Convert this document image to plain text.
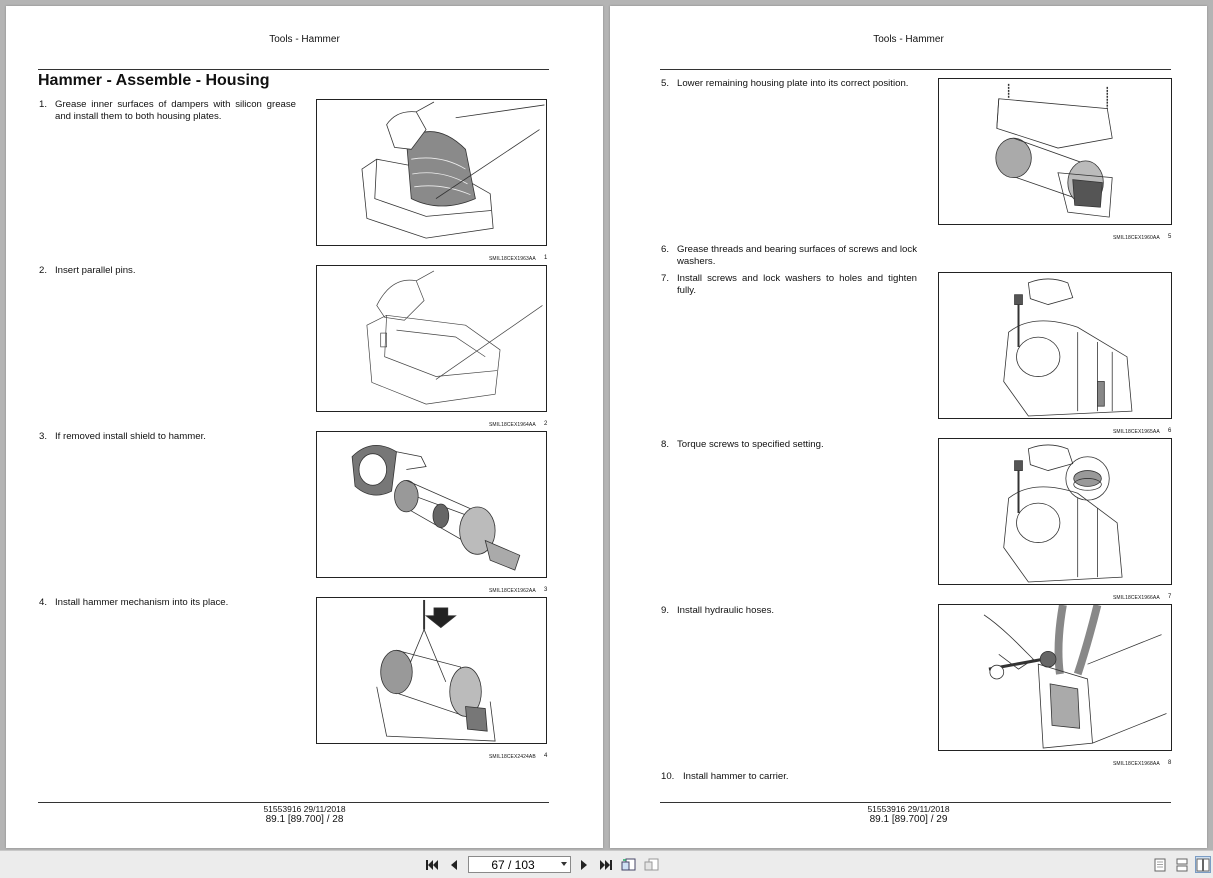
Tools - Hammer
Hammer - Assemble - Housing
1. Grease inner surfaces of dampers with silicon grease and install them to both housing plates.
SMIL18CEX1963AA 1
2. Insert parallel pins.
SMIL18CEX1964AA 2
3. If removed install shield to hammer.
SMIL18CEX1962AA 3
4. Install hammer mechanism into its place.
SMIL18CEX2424AB 4
51553916 29/11/2018
89.1 [89.700] / 28
Tools - Hammer
5. Lower remaining housing plate into its correct position.
SMIL18CEX1960AA 5
6. Grease threads and bearing surfaces of screws and lock washers.
7. Install screws and lock washers to holes and tighten fully.
SMIL18CEX1965AA 6
8. Torque screws to specified setting.
SMIL18CEX1966AA 7
9. Install hydraulic hoses.
SMIL18CEX1968AA 8
10. Install hammer to carrier.
51553916 29/11/2018
89.1 [89.700] / 29
67 / 103
